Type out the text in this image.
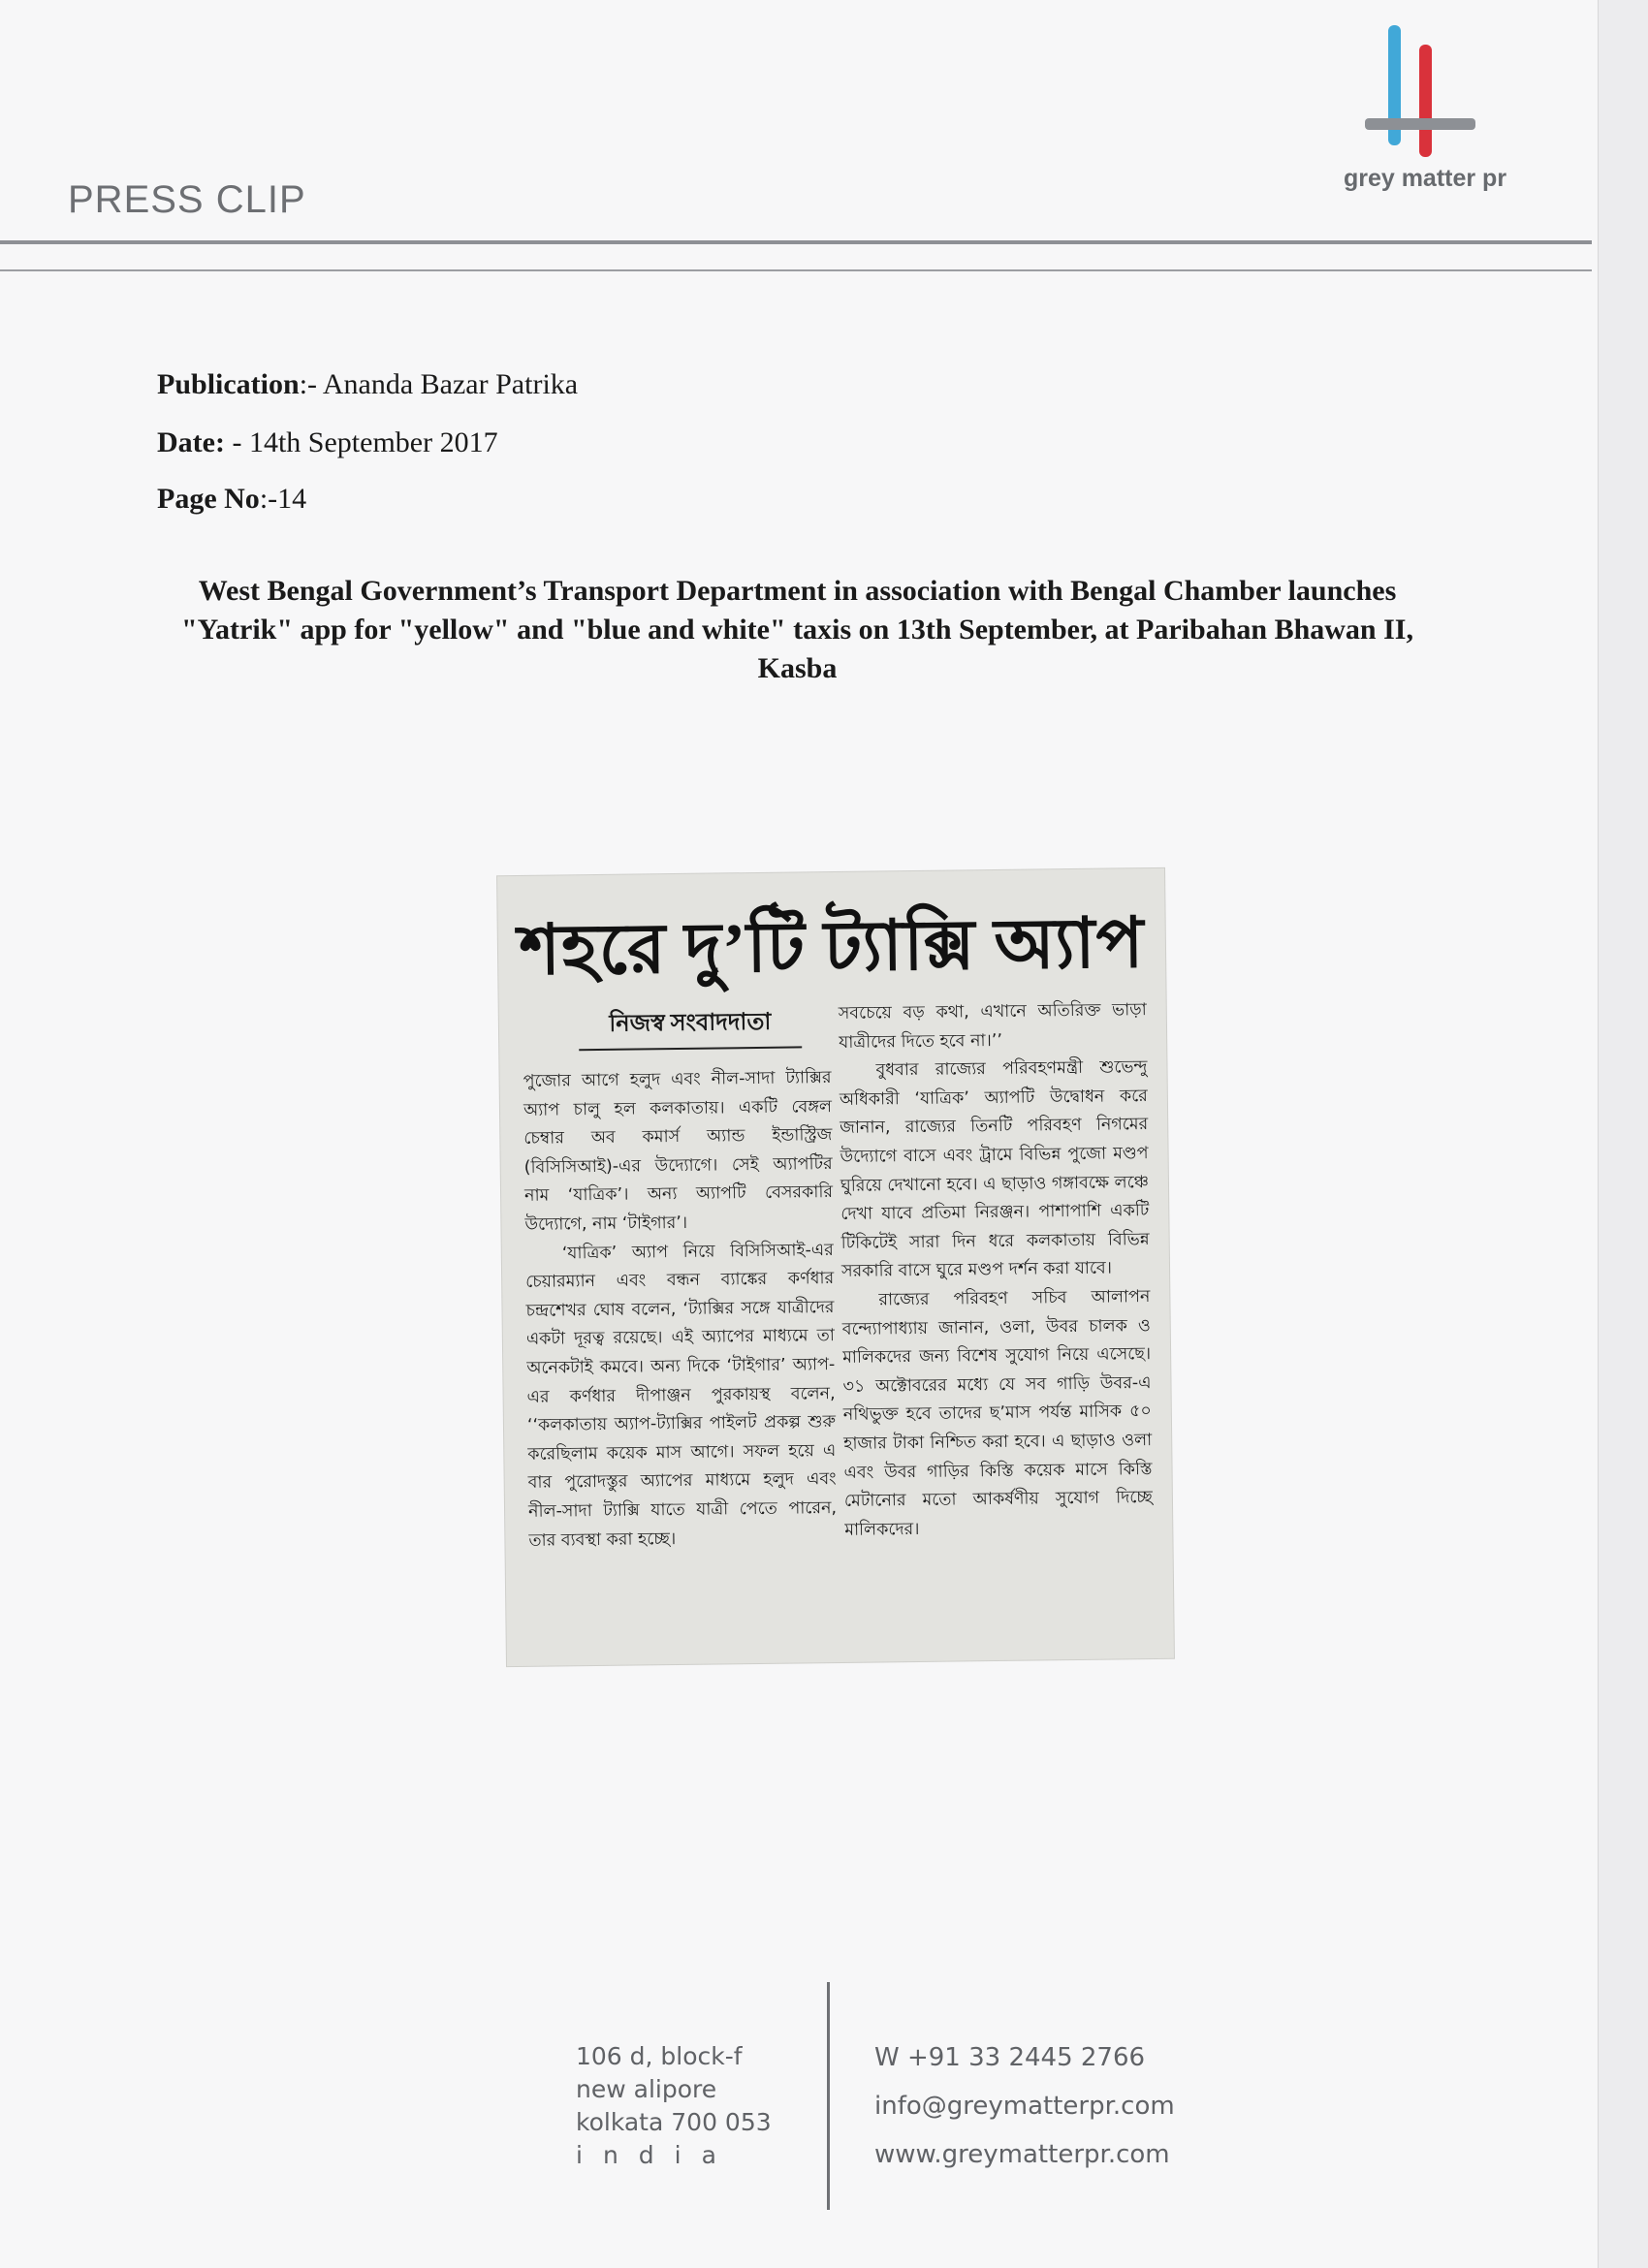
PRESS CLIP	grey matter pr
Publication:- Ananda Bazar Patrika
Date: - 14th September 2017
Page No:-14
West Bengal Government’s Transport Department in association with Bengal Chamber launches "Yatrik" app for "yellow" and "blue and white" taxis on 13th September, at Paribahan Bhawan II, Kasba
শহরে দু’টি ট্যাক্সি অ্যাপ
নিজস্ব সংবাদদাতা

পুজোর আগে হলুদ এবং নীল-সাদা ট্যাক্সির অ্যাপ চালু হল কলকাতায়। একটি বেঙ্গল চেম্বার অব কমার্স অ্যান্ড ইন্ডাস্ট্রিজ (বিসিসিআই)-এর উদ্যোগে। সেই অ্যাপটির নাম ‘যাত্রিক’। অন্য অ্যাপটি বেসরকারি উদ্যোগে, নাম ‘টাইগার’।

‘যাত্রিক’ অ্যাপ নিয়ে বিসিসিআই-এর চেয়ারম্যান এবং বন্ধন ব্যাঙ্কের কর্ণধার চন্দ্রশেখর ঘোষ বলেন, ‘ট্যাক্সির সঙ্গে যাত্রীদের একটা দূরত্ব রয়েছে। এই অ্যাপের মাধ্যমে তা অনেকটাই কমবে। অন্য দিকে ‘টাইগার’ অ্যাপ-এর কর্ণধার দীপাঞ্জন পুরকায়স্থ বলেন, ‘‘কলকাতায় অ্যাপ-ট্যাক্সির পাইলট প্রকল্প শুরু করেছিলাম কয়েক মাস আগে। সফল হয়ে এ বার পুরোদস্তুর অ্যাপের মাধ্যমে হলুদ এবং নীল-সাদা ট্যাক্সি যাতে যাত্রী পেতে পারেন, তার ব্যবস্থা করা হচ্ছে।

সবচেয়ে বড় কথা, এখানে অতিরিক্ত ভাড়া যাত্রীদের দিতে হবে না।’’

বুধবার রাজ্যের পরিবহণমন্ত্রী শুভেন্দু অধিকারী ‘যাত্রিক’ অ্যাপটি উদ্বোধন করে জানান, রাজ্যের তিনটি পরিবহণ নিগমের উদ্যোগে বাসে এবং ট্রামে বিভিন্ন পুজো মণ্ডপ ঘুরিয়ে দেখানো হবে। এ ছাড়াও গঙ্গাবক্ষে লঞ্চে দেখা যাবে প্রতিমা নিরঞ্জন। পাশাপাশি একটি টিকিটেই সারা দিন ধরে কলকাতায় বিভিন্ন সরকারি বাসে ঘুরে মণ্ডপ দর্শন করা যাবে।

রাজ্যের পরিবহণ সচিব আলাপন বন্দ্যোপাধ্যায় জানান, ওলা, উবর চালক ও মালিকদের জন্য বিশেষ সুযোগ নিয়ে এসেছে। ৩১ অক্টোবরের মধ্যে যে সব গাড়ি উবর-এ নথিভুক্ত হবে তাদের ছ’মাস পর্যন্ত মাসিক ৫০ হাজার টাকা নিশ্চিত করা হবে। এ ছাড়াও ওলা এবং উবর গাড়ির কিস্তি কয়েক মাসে কিস্তি মেটানোর মতো আকর্ষণীয় সুযোগ দিচ্ছে মালিকদের।

106 d, block-f
new alipore
kolkata 700 053
india
W +91 33 2445 2766
info@greymatterpr.com
www.greymatterpr.com
